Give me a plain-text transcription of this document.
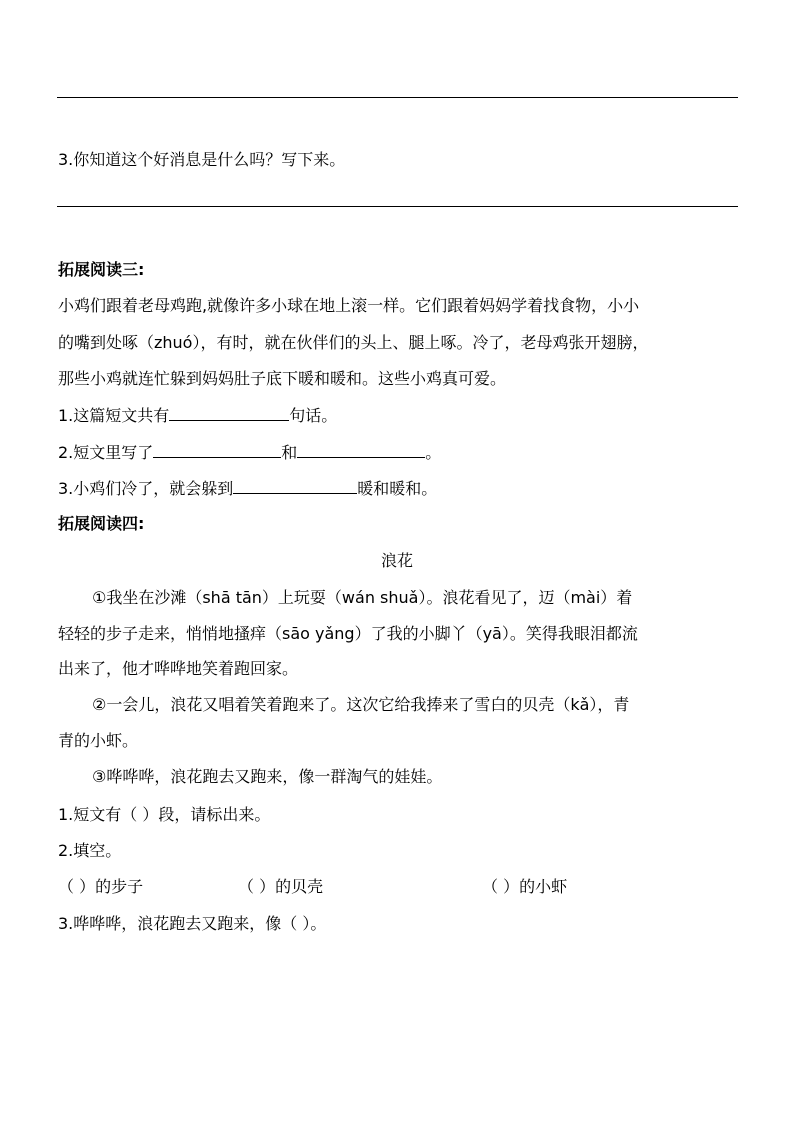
3.你知道这个好消息是什么吗？写下来。
拓展阅读三:
小鸡们跟着老母鸡跑,就像许多小球在地上滚一样。它们跟着妈妈学着找食物，小小
的嘴到处啄（zhuó），有时，就在伙伴们的头上、腿上啄。冷了，老母鸡张开翅膀，
那些小鸡就连忙躲到妈妈肚子底下暖和暖和。这些小鸡真可爱。
1.这篇短文共有	句话。
2.短文里写了	和	。
3.小鸡们冷了，就会躲到	暖和暖和。
拓展阅读四:
浪花
①我坐在沙滩（shā tān）上玩耍（wán shuǎ）。浪花看见了，迈（mài）着
轻轻的步子走来，悄悄地搔痒（sāo yǎng）了我的小脚丫（yā）。笑得我眼泪都流
出来了，他才哗哗地笑着跑回家。
②一会儿，浪花又唱着笑着跑来了。这次它给我捧来了雪白的贝壳（kǎ），青
青的小虾。
③哗哗哗，浪花跑去又跑来，像一群淘气的娃娃。
1.短文有（ ）段，请标出来。
2.填空。
（ ）的步子	（ ）的贝壳	（ ）的小虾
3.哗哗哗，浪花跑去又跑来，像（ ）。
